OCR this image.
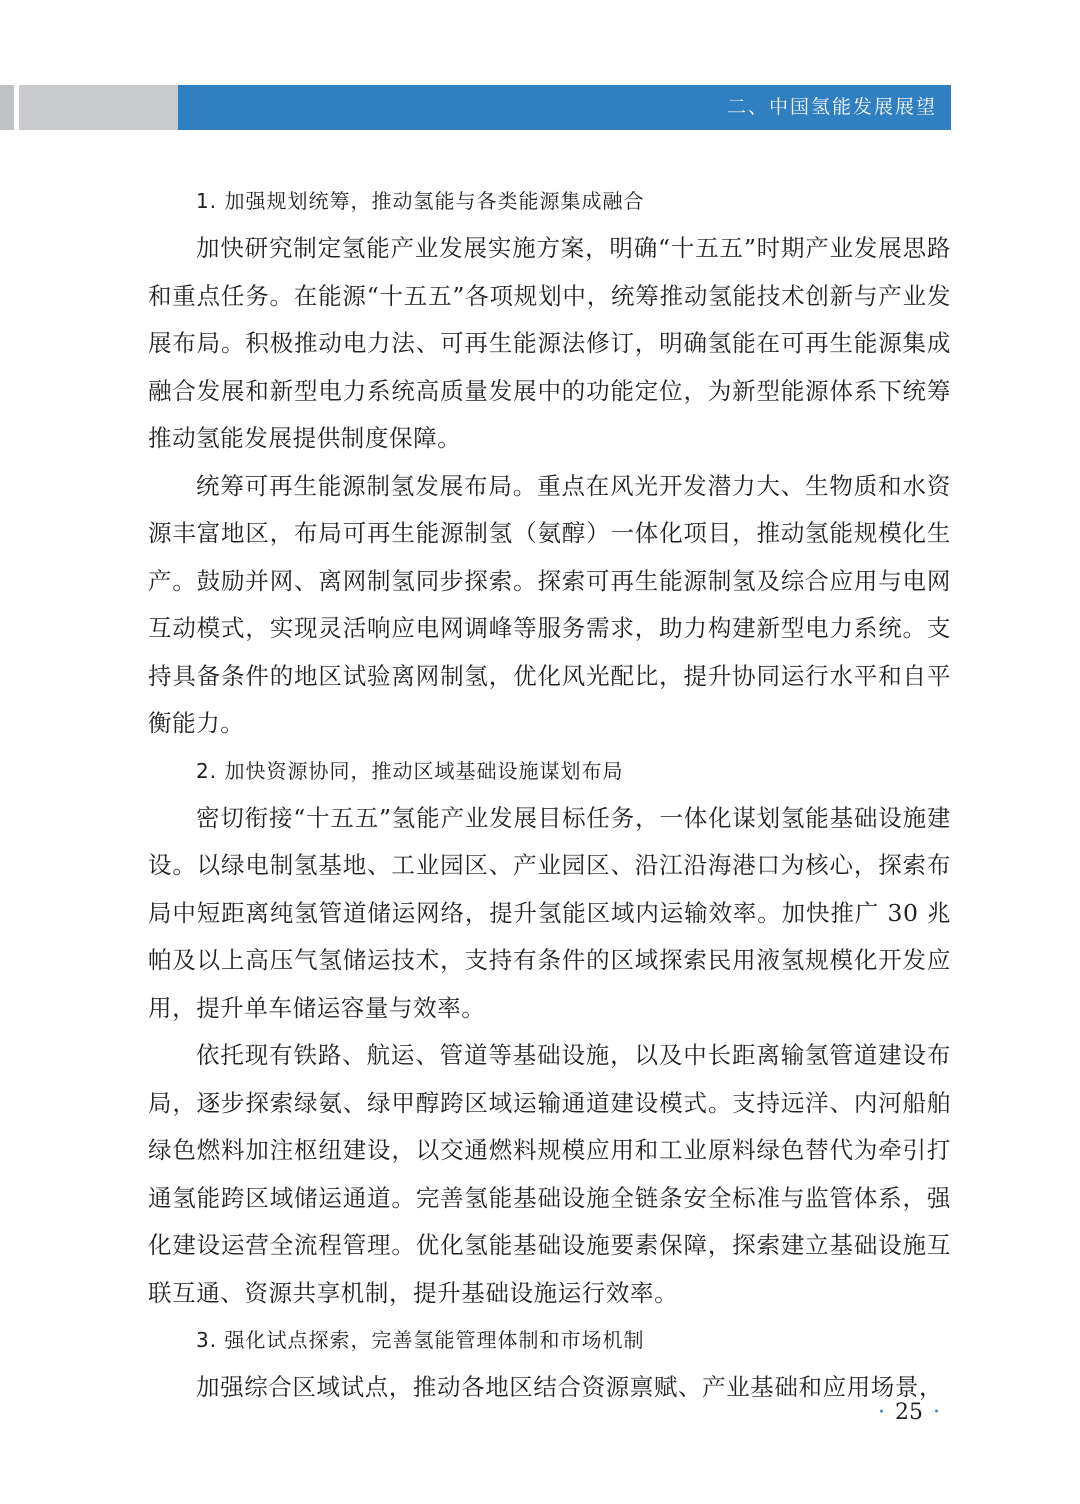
二、中国氢能发展展望

1. 加强规划统筹，推动氢能与各类能源集成融合

加快研究制定氢能产业发展实施方案，明确“十五五”时期产业发展思路和重点任务。在能源“十五五”各项规划中，统筹推动氢能技术创新与产业发展布局。积极推动电力法、可再生能源法修订，明确氢能在可再生能源集成融合发展和新型电力系统高质量发展中的功能定位，为新型能源体系下统筹推动氢能发展提供制度保障。

统筹可再生能源制氢发展布局。重点在风光开发潜力大、生物质和水资源丰富地区，布局可再生能源制氢（氨醇）一体化项目，推动氢能规模化生产。鼓励并网、离网制氢同步探索。探索可再生能源制氢及综合应用与电网互动模式，实现灵活响应电网调峰等服务需求，助力构建新型电力系统。支持具备条件的地区试验离网制氢，优化风光配比，提升协同运行水平和自平衡能力。

2. 加快资源协同，推动区域基础设施谋划布局

密切衔接“十五五”氢能产业发展目标任务，一体化谋划氢能基础设施建设。以绿电制氢基地、工业园区、产业园区、沿江沿海港口为核心，探索布局中短距离纯氢管道储运网络，提升氢能区域内运输效率。加快推广 30 兆帕及以上高压气氢储运技术，支持有条件的区域探索民用液氢规模化开发应用，提升单车储运容量与效率。

依托现有铁路、航运、管道等基础设施，以及中长距离输氢管道建设布局，逐步探索绿氨、绿甲醇跨区域运输通道建设模式。支持远洋、内河船舶绿色燃料加注枢纽建设，以交通燃料规模应用和工业原料绿色替代为牵引打通氢能跨区域储运通道。完善氢能基础设施全链条安全标准与监管体系，强化建设运营全流程管理。优化氢能基础设施要素保障，探索建立基础设施互联互通、资源共享机制，提升基础设施运行效率。

3. 强化试点探索，完善氢能管理体制和市场机制

加强综合区域试点，推动各地区结合资源禀赋、产业基础和应用场景，

· 25 ·
